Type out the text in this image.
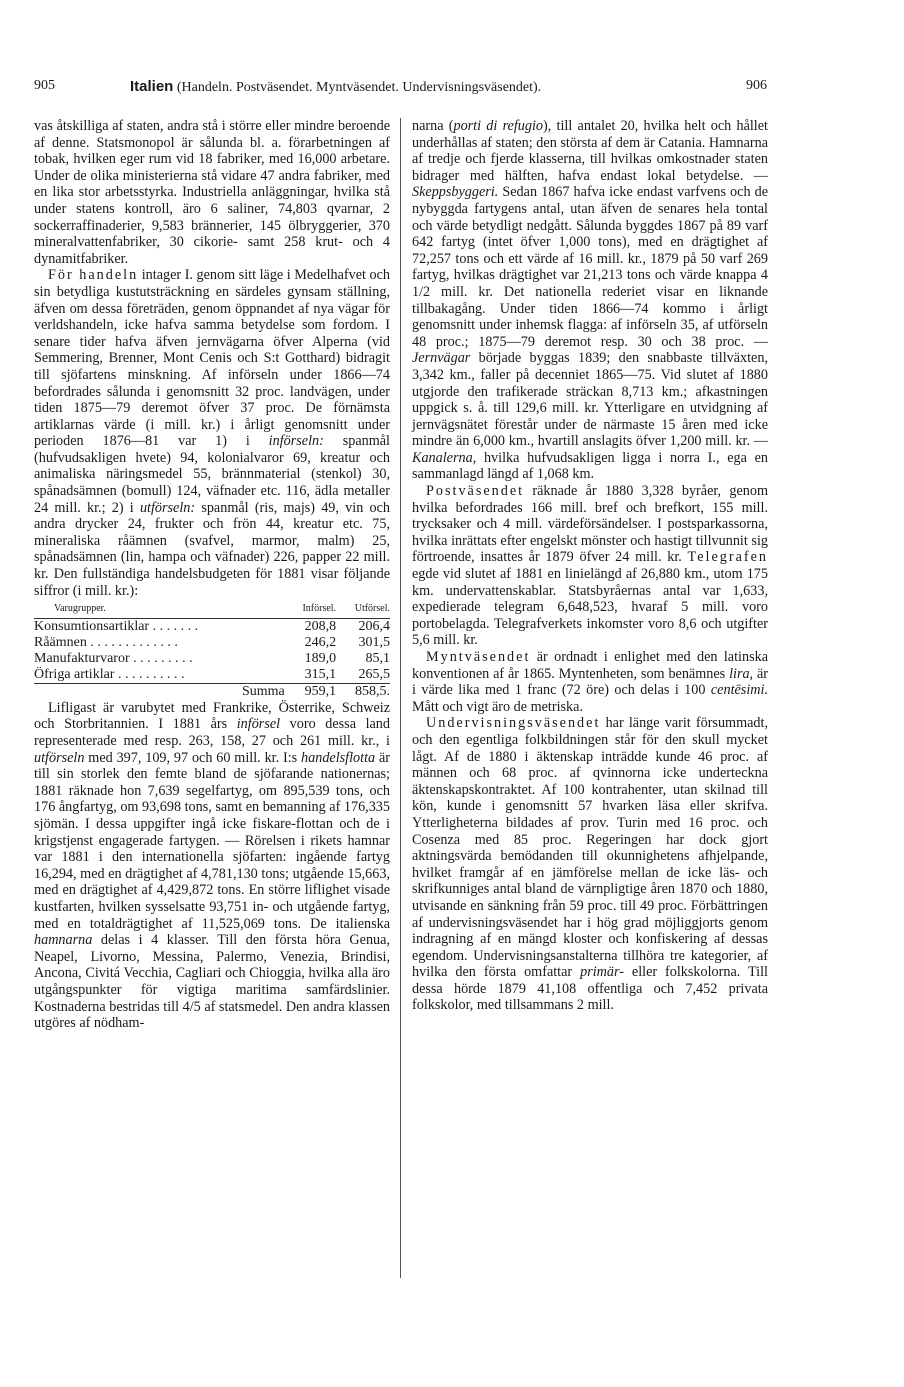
905	Italien (Handeln. Postväsendet. Myntväsendet. Undervisningsväsendet).	906

vas åtskilliga af staten, andra stå i större eller mindre beroende af denne. Statsmonopol är sålunda bl. a. förarbetningen af tobak, hvilken eger rum vid 18 fabriker, med 16,000 arbetare. Under de olika ministerierna stå vidare 47 andra fabriker, med en lika stor arbetsstyrka. Industriella anläggningar, hvilka stå under statens kontroll, äro 6 saliner, 74,803 qvarnar, 2 sockerraffinaderier, 9,583 brännerier, 145 ölbryggerier, 370 mineralvattenfabriker, 30 cikorie- samt 258 krut- och 4 dynamitfabriker.

För handeln intager I. genom sitt läge i Medelhafvet och sin betydliga kustutsträckning en särdeles gynsam ställning, äfven om dessa företräden, genom öppnandet af nya vägar för verldshandeln, icke hafva samma betydelse som fordom. I senare tider hafva äfven jernvägarna öfver Alperna (vid Semmering, Brenner, Mont Cenis och S:t Gotthard) bidragit till sjöfartens minskning. Af införseln under 1866—74 befordrades sålunda i genomsnitt 32 proc. landvägen, under tiden 1875—79 deremot öfver 37 proc. De förnämsta artiklarnas värde (i mill. kr.) i årligt genomsnitt under perioden 1876—81 var 1) i införseln: spanmål (hufvudsakligen hvete) 94, kolonialvaror 69, kreatur och animaliska näringsmedel 55, brännmaterial (stenkol) 30, spånadsämnen (bomull) 124, väfnader etc. 116, ädla metaller 24 mill. kr.; 2) i utförseln: spanmål (ris, majs) 49, vin och andra drycker 24, frukter och frön 44, kreatur etc. 75, mineraliska råämnen (svafvel, marmor, malm) 25, spånadsämnen (lin, hampa och väfnader) 226, papper 22 mill. kr. Den fullständiga handelsbudgeten för 1881 visar följande siffror (i mill. kr.):

Varugrupper.	Införsel.	Utförsel.
Konsumtionsartiklar . . . . . . .	208,8	206,4
Råämnen . . . . . . . . . . . . .	246,2	301,5
Manufakturvaror . . . . . . . . .	189,0	85,1
Öfriga artiklar . . . . . . . . . .	315,1	265,5
Summa	959,1	858,5.

Lifligast är varubytet med Frankrike, Österrike, Schweiz och Storbritannien. I 1881 års införsel voro dessa land representerade med resp. 263, 158, 27 och 261 mill. kr., i utförseln med 397, 109, 97 och 60 mill. kr. I:s handelsflotta är till sin storlek den femte bland de sjöfarande nationernas; 1881 räknade hon 7,639 segelfartyg, om 895,539 tons, och 176 ångfartyg, om 93,698 tons, samt en bemanning af 176,335 sjömän. I dessa uppgifter ingå icke fiskare-flottan och de i krigstjenst engagerade fartygen. — Rörelsen i rikets hamnar var 1881 i den internationella sjöfarten: ingående fartyg 16,294, med en drägtighet af 4,781,130 tons; utgående 15,663, med en drägtighet af 4,429,872 tons. En större liflighet visade kustfarten, hvilken sysselsatte 93,751 in- och utgående fartyg, med en totaldrägtighet af 11,525,069 tons. De italienska hamnarna delas i 4 klasser. Till den första höra Genua, Neapel, Livorno, Messina, Palermo, Venezia, Brindisi, Ancona, Civitá Vecchia, Cagliari och Chioggia, hvilka alla äro utgångspunkter för vigtiga maritima samfärdslinier. Kostnaderna bestridas till 4/5 af statsmedel. Den andra klassen utgöres af nödham-

narna (porti di refugio), till antalet 20, hvilka helt och hållet underhållas af staten; den största af dem är Catania. Hamnarna af tredje och fjerde klasserna, till hvilkas omkostnader staten bidrager med hälften, hafva endast lokal betydelse. — Skeppsbyggeri. Sedan 1867 hafva icke endast varfvens och de nybyggda fartygens antal, utan äfven de senares hela tontal och värde betydligt nedgått. Sålunda byggdes 1867 på 89 varf 642 fartyg (intet öfver 1,000 tons), med en drägtighet af 72,257 tons och ett värde af 16 mill. kr., 1879 på 50 varf 269 fartyg, hvilkas drägtighet var 21,213 tons och värde knappa 4 1/2 mill. kr. Det nationella rederiet visar en liknande tillbakagång. Under tiden 1866—74 kommo i årligt genomsnitt under inhemsk flagga: af införseln 35, af utförseln 48 proc.; 1875—79 deremot resp. 30 och 38 proc. — Jernvägar började byggas 1839; den snabbaste tillväxten, 3,342 km., faller på decenniet 1865—75. Vid slutet af 1880 utgjorde den trafikerade sträckan 8,713 km.; afkastningen uppgick s. å. till 129,6 mill. kr. Ytterligare en utvidgning af jernvägsnätet förestår under de närmaste 15 åren med icke mindre än 6,000 km., hvartill anslagits öfver 1,200 mill. kr. — Kanalerna, hvilka hufvudsakligen ligga i norra I., ega en sammanlagd längd af 1,068 km.

Postväsendet räknade år 1880 3,328 byråer, genom hvilka befordrades 166 mill. bref och brefkort, 155 mill. trycksaker och 4 mill. värdeförsändelser. I postsparkassorna, hvilka inrättats efter engelskt mönster och hastigt tillvunnit sig förtroende, insattes år 1879 öfver 24 mill. kr. Telegrafen egde vid slutet af 1881 en linielängd af 26,880 km., utom 175 km. undervattenskablar. Statsbyråernas antal var 1,633, expedierade telegram 6,648,523, hvaraf 5 mill. voro portobelagda. Telegrafverkets inkomster voro 8,6 och utgifter 5,6 mill. kr.

Myntväsendet är ordnadt i enlighet med den latinska konventionen af år 1865. Myntenheten, som benämnes lira, är i värde lika med 1 franc (72 öre) och delas i 100 centēsimi. Mått och vigt äro de metriska.

Undervisningsväsendet har länge varit försummadt, och den egentliga folkbildningen står för den skull mycket lågt. Af de 1880 i äktenskap inträdde kunde 46 proc. af männen och 68 proc. af qvinnorna icke underteckna äktenskapskontraktet. Af 100 kontrahenter, utan skilnad till kön, kunde i genomsnitt 57 hvarken läsa eller skrifva. Ytterligheterna bildades af prov. Turin med 16 proc. och Cosenza med 85 proc. Regeringen har dock gjort aktningsvärda bemödanden till okunnighetens afhjelpande, hvilket framgår af en jämförelse mellan de icke läs- och skrifkunniges antal bland de värnpligtige åren 1870 och 1880, utvisande en sänkning från 59 proc. till 49 proc. Förbättringen af undervisningsväsendet har i hög grad möjliggjorts genom indragning af en mängd kloster och konfiskering af dessas egendom. Undervisningsanstalterna tillhöra tre kategorier, af hvilka den första omfattar primär- eller folkskolorna. Till dessa hörde 1879 41,108 offentliga och 7,452 privata folkskolor, med tillsammans 2 mill.
